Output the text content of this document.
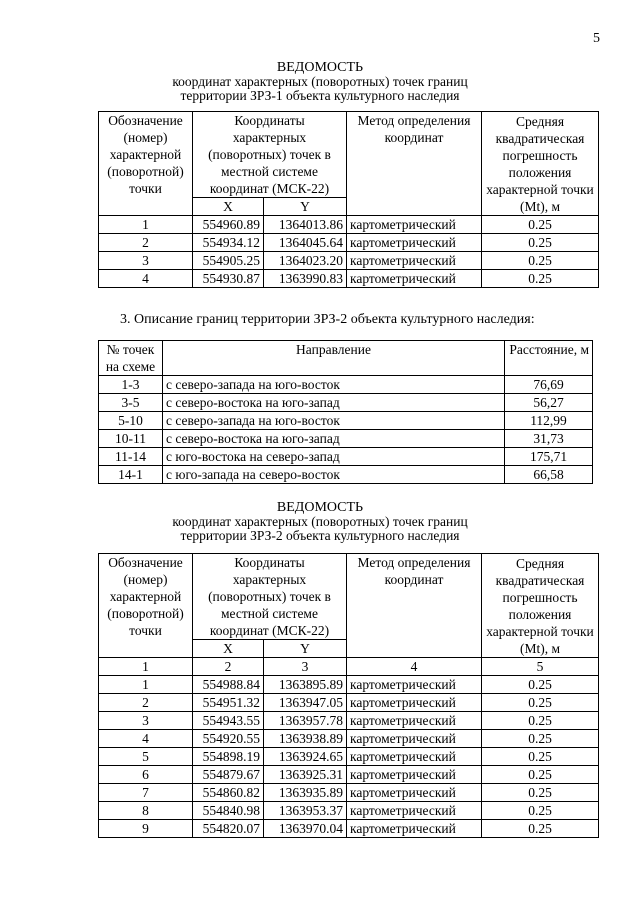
5
ВЕДОМОСТЬ
координат характерных (поворотных) точек границ
территории ЗРЗ-1 объекта культурного наследия
Обозначение (номер) характерной (поворотной) точки	Координаты характерных (поворотных) точек в местной системе координат (МСК-22)		Метод определения координат	Средняя квадратическая погрешность положения характерной точки (Mt), м
	X	Y		
1	554960.89	1364013.86	картометрический	0.25
2	554934.12	1364045.64	картометрический	0.25
3	554905.25	1364023.20	картометрический	0.25
4	554930.87	1363990.83	картометрический	0.25
3. Описание границ территории ЗРЗ-2 объекта культурного наследия:
№ точек на схеме	Направление	Расстояние, м
1-3	с северо-запада на юго-восток	76,69
3-5	с северо-востока на юго-запад	56,27
5-10	с северо-запада на юго-восток	112,99
10-11	с северо-востока на юго-запад	31,73
11-14	с юго-востока на северо-запад	175,71
14-1	с юго-запада на северо-восток	66,58
ВЕДОМОСТЬ
координат характерных (поворотных) точек границ
территории ЗРЗ-2 объекта культурного наследия
Обозначение (номер) характерной (поворотной) точки	Координаты характерных (поворотных) точек в местной системе координат (МСК-22)		Метод определения координат	Средняя квадратическая погрешность положения характерной точки (Mt), м
	X	Y		
1	2	3	4	5
1	554988.84	1363895.89	картометрический	0.25
2	554951.32	1363947.05	картометрический	0.25
3	554943.55	1363957.78	картометрический	0.25
4	554920.55	1363938.89	картометрический	0.25
5	554898.19	1363924.65	картометрический	0.25
6	554879.67	1363925.31	картометрический	0.25
7	554860.82	1363935.89	картометрический	0.25
8	554840.98	1363953.37	картометрический	0.25
9	554820.07	1363970.04	картометрический	0.25
